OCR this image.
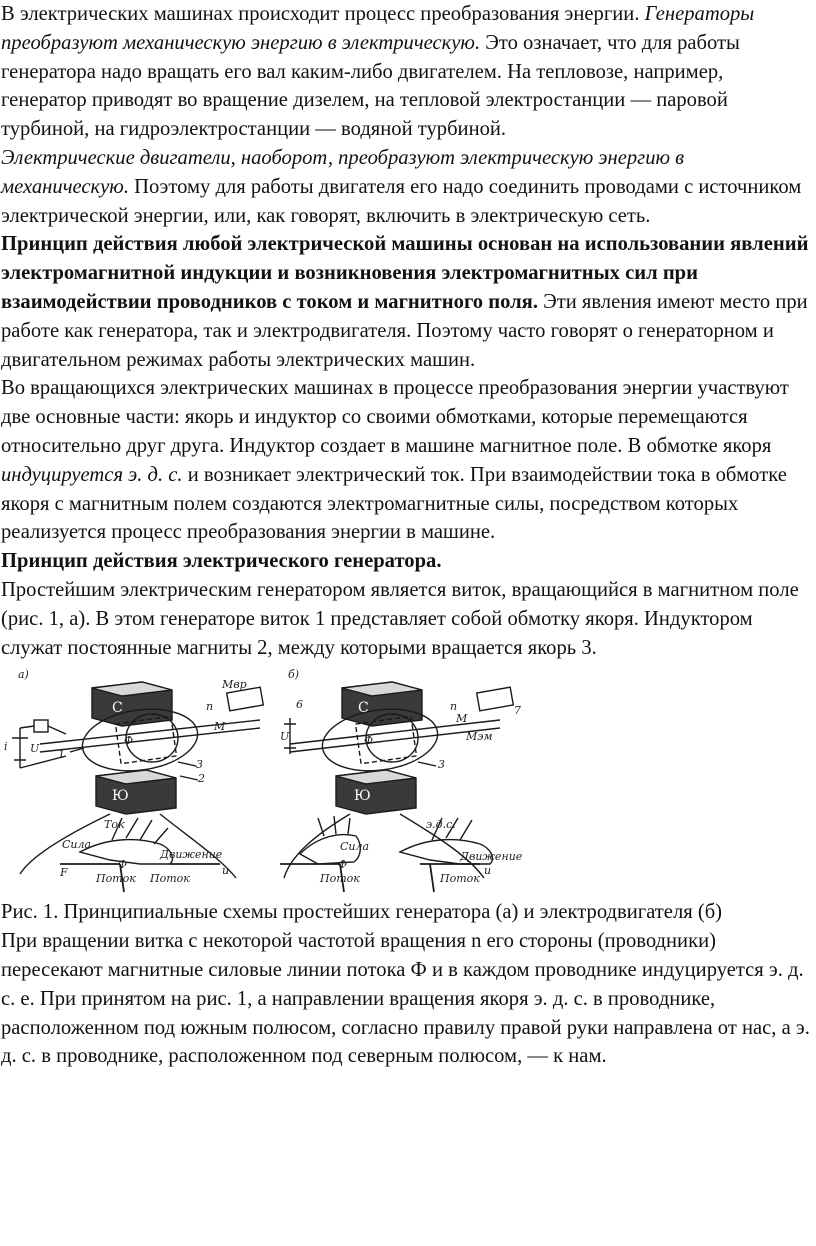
В электрических машинах происходит процесс преобразования энергии. Генераторы преобразуют механическую энергию в электрическую. Это означает, что для работы генератора надо вращать его вал каким-либо двигателем. На тепловозе, например, генератор приводят во вращение дизелем, на тепловой электростанции — паровой турбиной, на гидроэлектростанции — водяной турбиной.

Электрические двигатели, наоборот, преобразуют электрическую энергию в механическую. Поэтому для работы двигателя его надо соединить проводами с источником электрической энергии, или, как говорят, включить в электрическую сеть.

Принцип действия любой электрической машины основан на использовании явлений электромагнитной индукции и возникновения электромагнитных сил при взаимодействии проводников с током и магнитного поля. Эти явления имеют место при работе как генератора, так и электродвигателя. Поэтому часто говорят о генераторном и двигательном режимах работы электрических машин.

Во вращающихся электрических машинах в процессе преобразования энергии участвуют две основные части: якорь и индуктор со своими обмотками, которые перемещаются относительно друг друга. Индуктор создает в машине магнитное поле. В обмотке якоря индуцируется э. д. с. и возникает электрический ток. При взаимодействии тока в обмотке якоря с магнитным полем создаются электромагнитные силы, посредством которых реализуется процесс преобразования энергии в машине.

Принцип действия электрического генератора.

Простейшим электрическим генератором является виток, вращающийся в магнитном поле (рис. 1, а). В этом генераторе виток 1 представляет собой обмотку якоря. Индуктором служат постоянные магниты 2, между которыми вращается якорь 3.

а)	б)
С
Ю
С
Ю
Ф	Ф
n	n
M
M
Мвр
Мэм
i U
U
1
2
3	3
6	7
Сила
Ток
Движение
Поток Поток
Сила
э.д.с.
Движение
Поток	Поток
F	u	u
Ф	Ф

Рис. 1. Принципиальные схемы простейших генератора (а) и электродвигателя (б)

При вращении витка с некоторой частотой вращения n его стороны (проводники) пересекают магнитные силовые линии потока Ф и в каждом проводнике индуцируется э. д. с. е. При принятом на рис. 1, а направлении вращения якоря э. д. с. в проводнике, расположенном под южным полюсом, согласно правилу правой руки направлена от нас, а э. д. с. в проводнике, расположенном под северным полюсом, — к нам.
